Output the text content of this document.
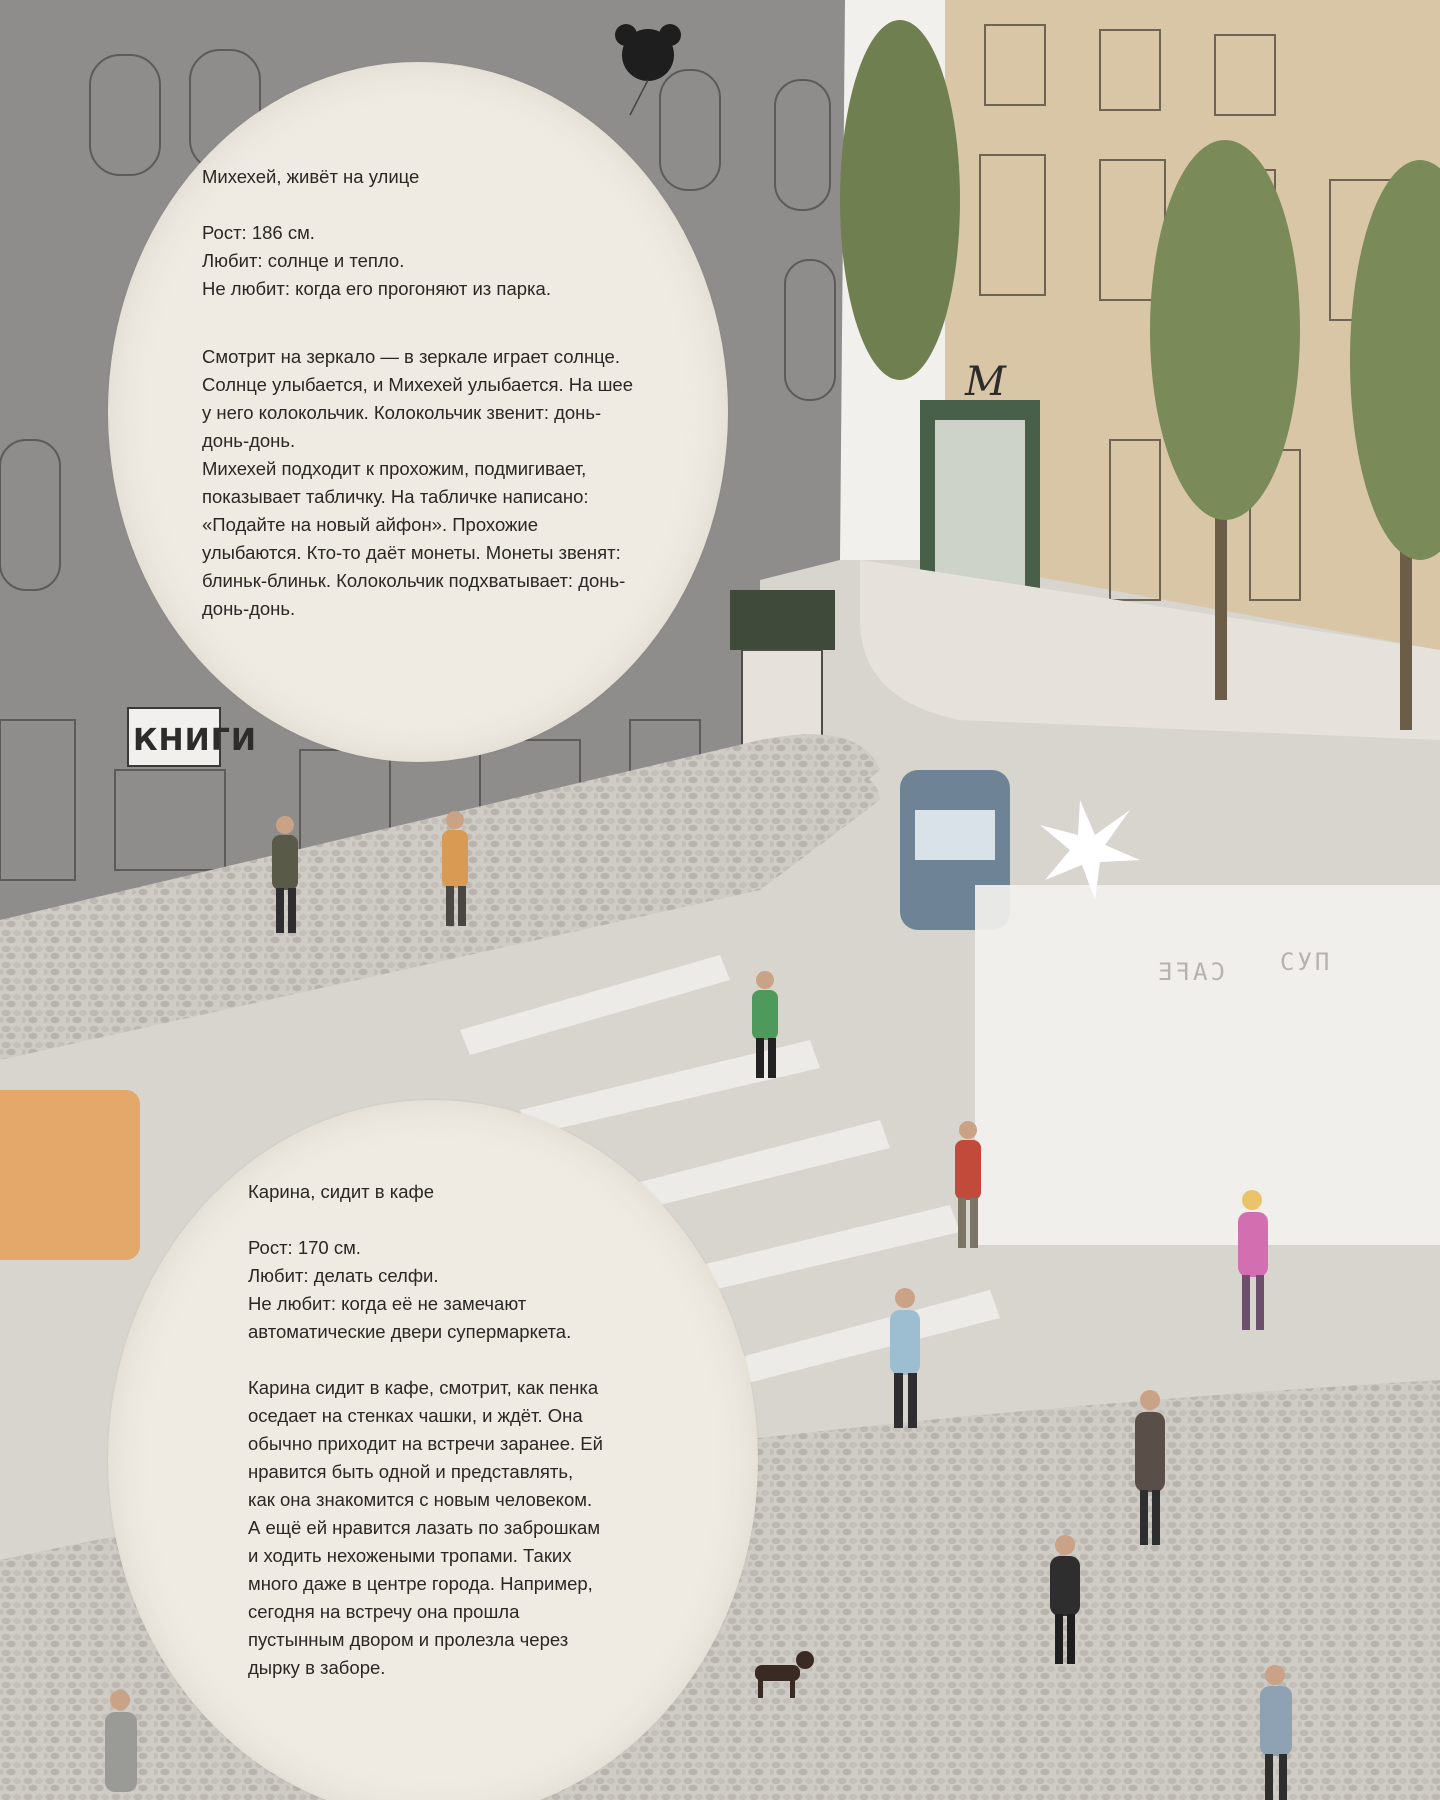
M
CAFE СУП
КНИГИ

Михехей, живёт на улице

Рост: 186 см.

Любит: солнце и тепло.

Не любит: когда его прогоняют из парка.

Смотрит на зеркало — в зеркале играет солнце.

Солнце улыбается, и Михехей улыбается. На шее

у него колокольчик. Колокольчик звенит: донь-

донь-донь.

Михехей подходит к прохожим, подмигивает,

показывает табличку. На табличке написано:

«Подайте на новый айфон». Прохожие

улыбаются. Кто-то даёт монеты. Монеты звенят:

блиньк-блиньк. Колокольчик подхватывает: донь-

донь-донь.

Карина, сидит в кафе

Рост: 170 см.

Любит: делать селфи.

Не любит: когда её не замечают

автоматические двери супермаркета.

Карина сидит в кафе, смотрит, как пенка

оседает на стенках чашки, и ждёт. Она

обычно приходит на встречи заранее. Ей

нравится быть одной и представлять,

как она знакомится с новым человеком.

А ещё ей нравится лазать по заброшкам

и ходить нехожеными тропами. Таких

много даже в центре города. Например,

сегодня на встречу она прошла

пустынным двором и пролезла через

дырку в заборе.
